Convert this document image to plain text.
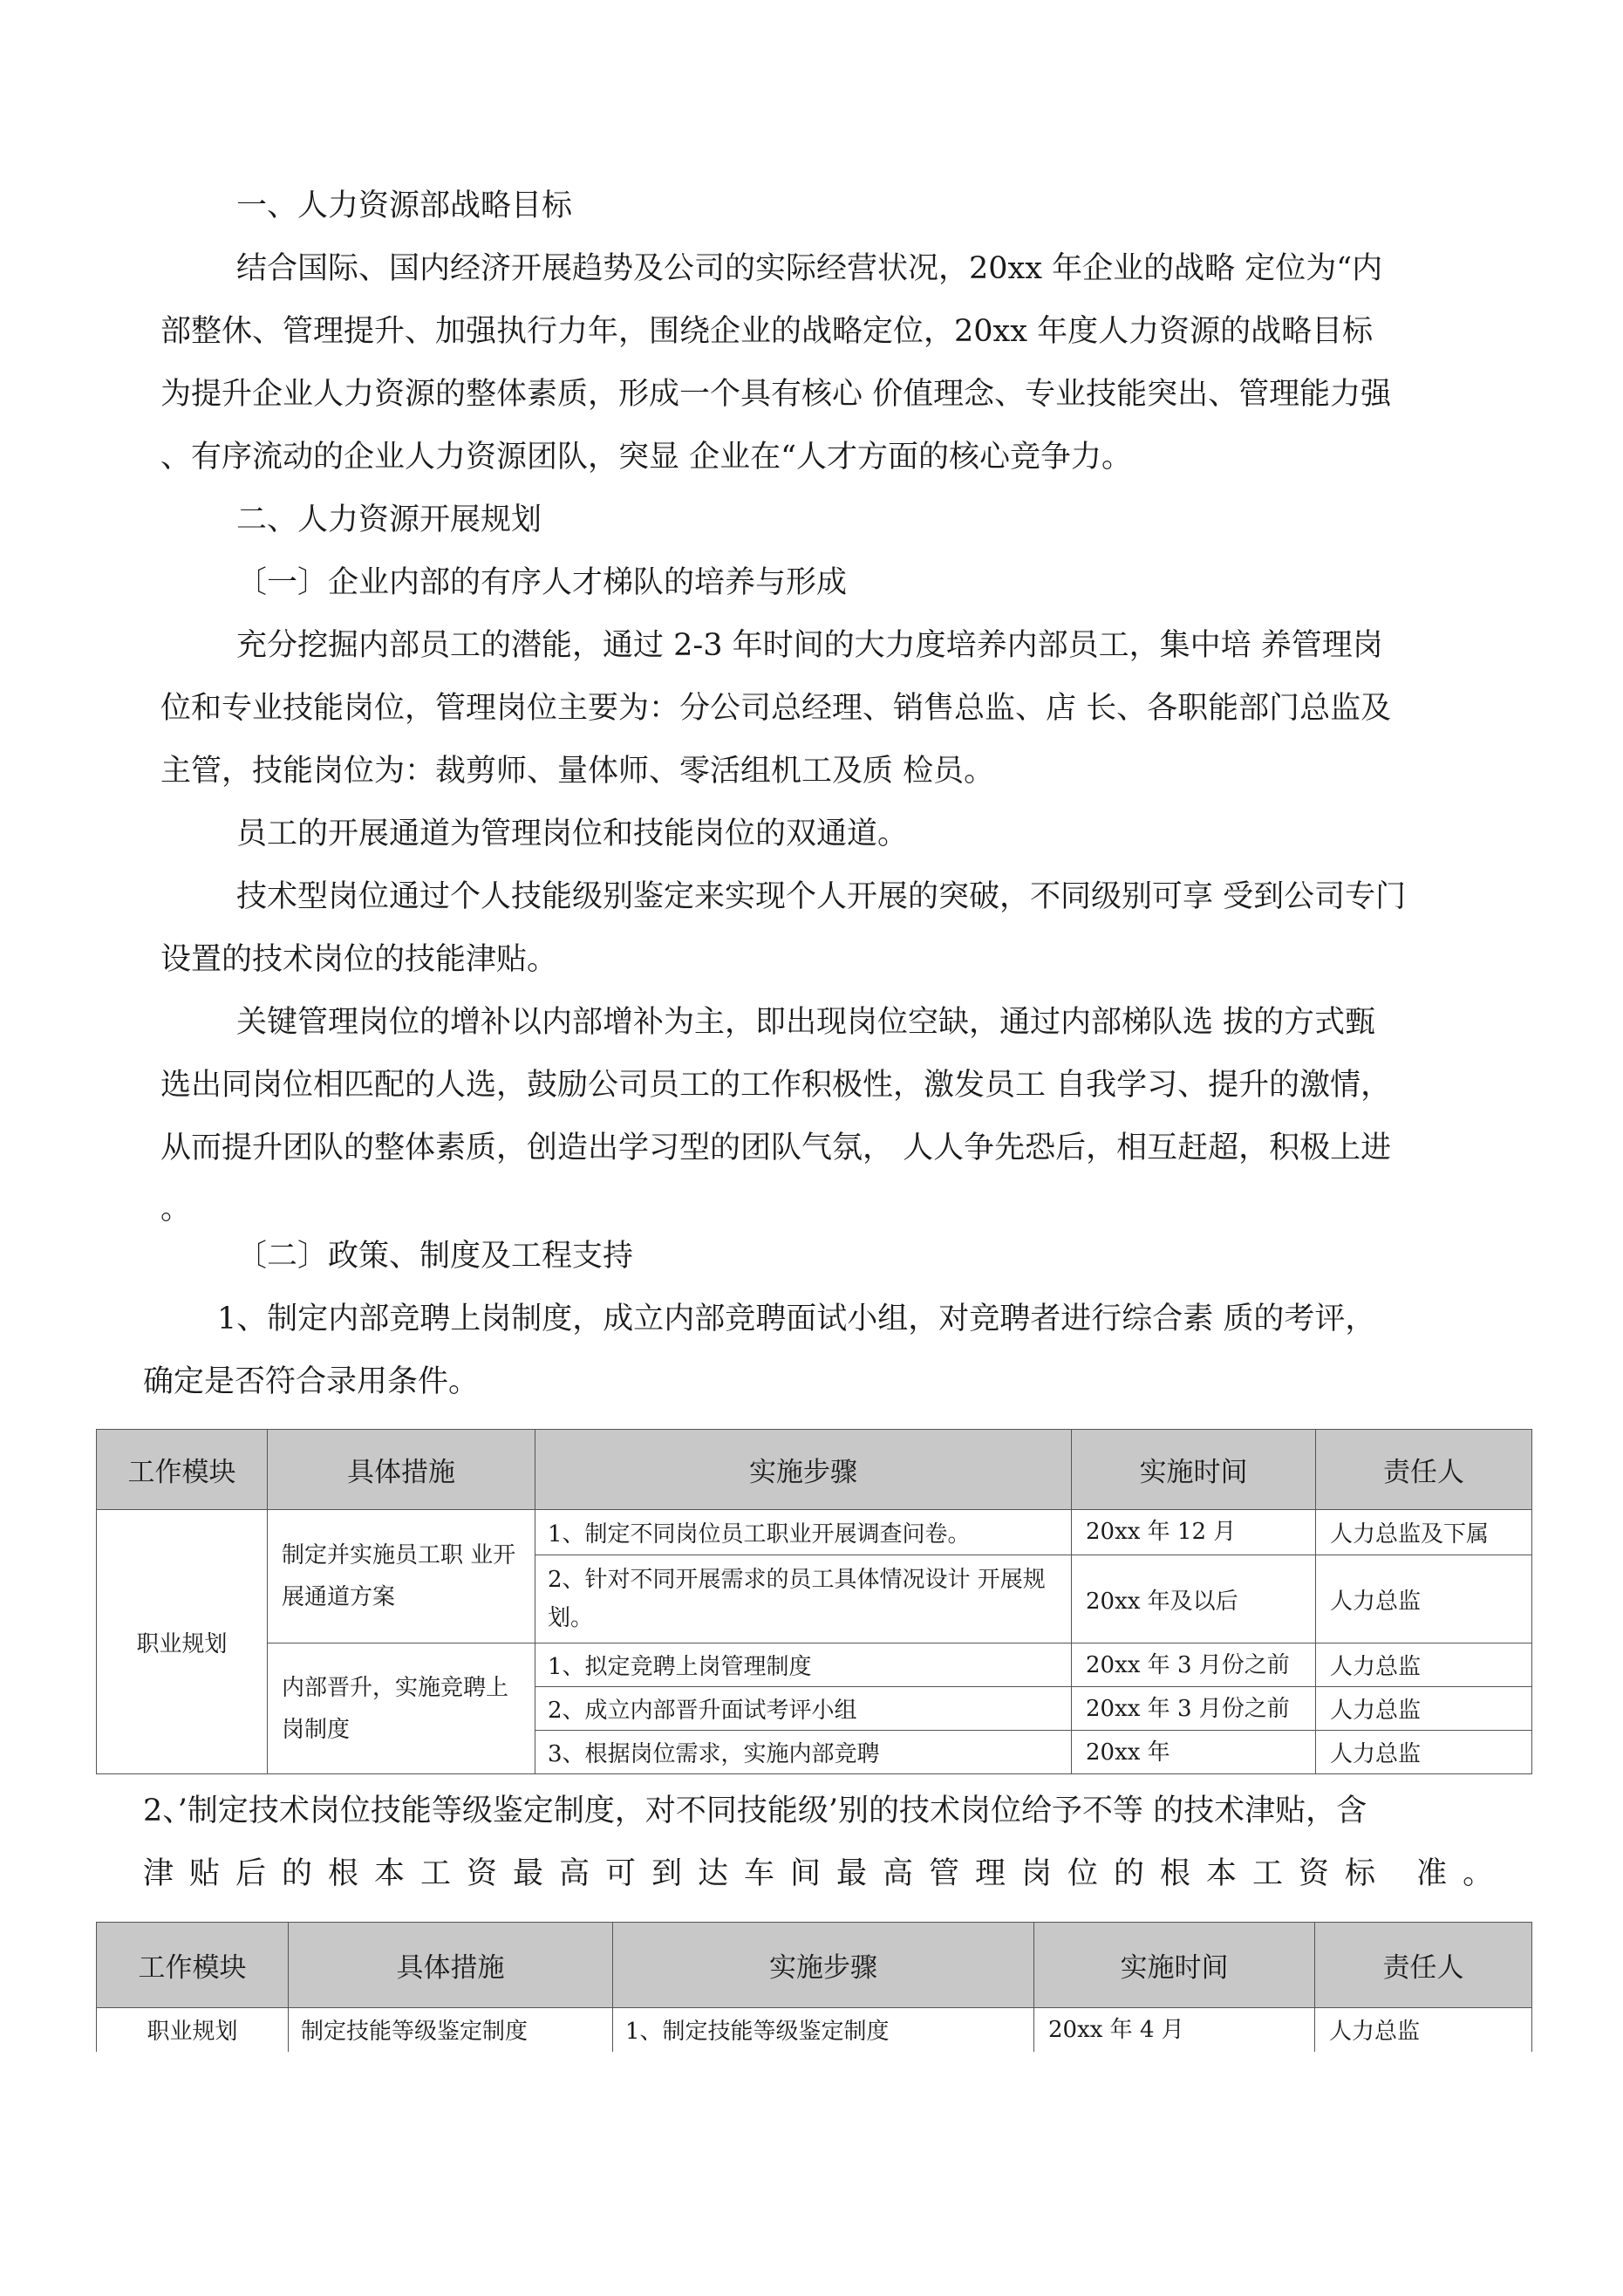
一、人力资源部战略目标
结合国际、国内经济开展趋势及公司的实际经营状况，20xx 年企业的战略 定位为“内
部整休、管理提升、加强执行力年，围绕企业的战略定位，20xx 年度人力资源的战略目标
为提升企业人力资源的整体素质，形成一个具有核心 价值理念、专业技能突出、管理能力强
、有序流动的企业人力资源团队，突显 企业在“人才方面的核心竞争力。
二、人力资源开展规划
〔一〕企业内部的有序人才梯队的培养与形成
充分挖掘内部员工的潜能，通过 2-3 年时间的大力度培养内部员工，集中培 养管理岗
位和专业技能岗位，管理岗位主要为：分公司总经理、销售总监、店 长、各职能部门总监及
主管，技能岗位为：裁剪师、量体师、零活组机工及质 检员。
员工的开展通道为管理岗位和技能岗位的双通道。
技术型岗位通过个人技能级别鉴定来实现个人开展的突破，不同级别可享 受到公司专门
设置的技术岗位的技能津贴。
关键管理岗位的增补以内部增补为主，即出现岗位空缺，通过内部梯队选 拔的方式甄
选出同岗位相匹配的人选，鼓励公司员工的工作积极性，激发员工 自我学习、提升的激情，
从而提升团队的整体素质，创造出学习型的团队气氛， 人人争先恐后，相互赶超，积极上进
。
〔二〕政策、制度及工程支持
1、制定内部竞聘上岗制度，成立内部竞聘面试小组，对竞聘者进行综合素 质的考评，
确定是否符合录用条件。
工作模块	具体措施	实施步骤	实施时间	责任人
职业规划	制定并实施员工职 业开展通道方案	1、制定不同岗位员工职业开展调查问卷。	20xx 年 12 月	人力总监及下属
		2、针对不同开展需求的员工具体情况设计 开展规划。	20xx 年及以后	人力总监
	内部晋升，实施竞聘上岗制度	1、拟定竞聘上岗管理制度	20xx 年 3 月份之前	人力总监
		2、成立内部晋升面试考评小组	20xx 年 3 月份之前	人力总监
		3、根据岗位需求，实施内部竞聘	20xx 年	人力总监
2、’制定技术岗位技能等级鉴定制度，对不同技能级’别的技术岗位给予不等 的技术津贴，含
津贴后的根本工资最高可到达车间最高管理岗位的根本工资标 准。
工作模块	具体措施	实施步骤	实施时间	责任人
职业规划	制定技能等级鉴定制度	1、制定技能等级鉴定制度	20xx 年 4 月	人力总监
